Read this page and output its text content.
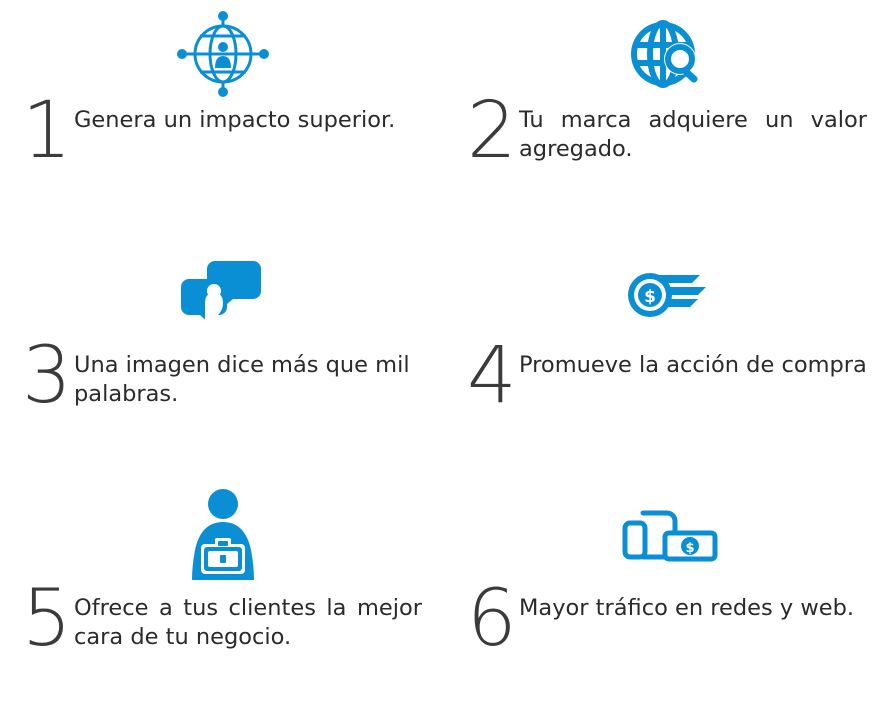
1 Genera un impacto superior. 2 Tu marca adquiere un valor agregado.
3 Una imagen dice más que mil palabras.
$
4 Promueve la acción de compra
5 Ofrece a tus clientes la mejor cara de tu negocio.
$
6 Mayor tráfico en redes y web.
